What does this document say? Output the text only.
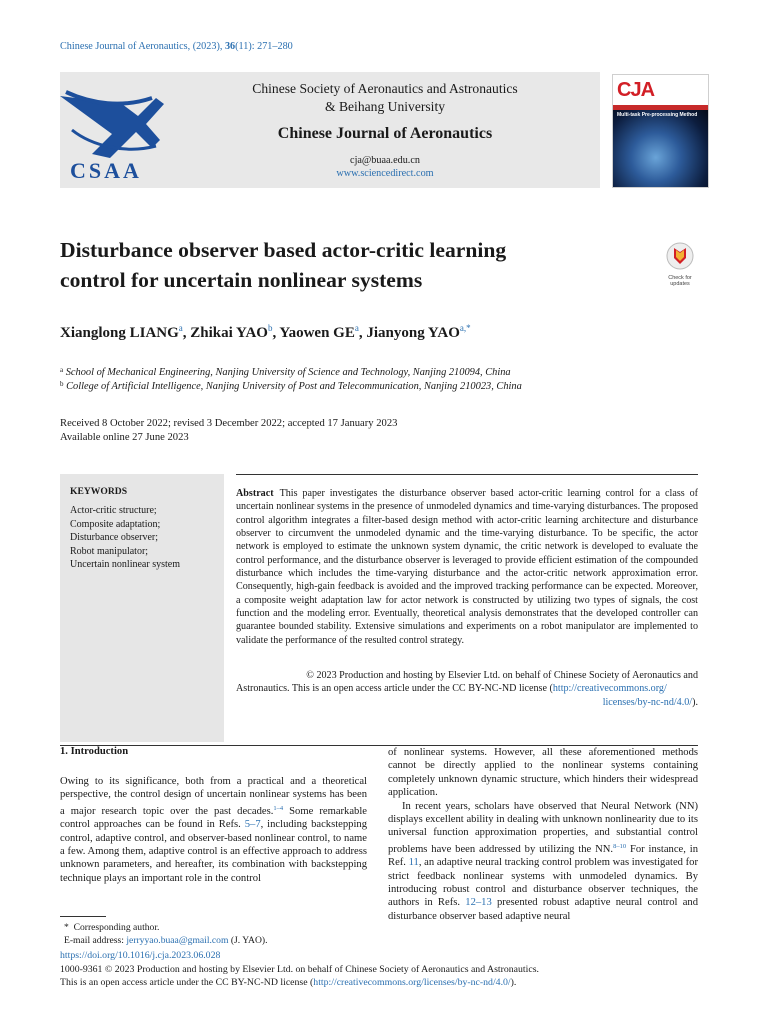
Chinese Journal of Aeronautics, (2023), 36(11): 271–280
CSAA
Chinese Society of Aeronautics and Astronautics
& Beihang University
Chinese Journal of Aeronautics
cja@buaa.edu.cn
www.sciencedirect.com
CJA
Multi-task Pre-processing Method
Disturbance observer based actor-critic learning
control for uncertain nonlinear systems	Check for
updates
Xianglong LIANG$^a$, Zhikai YAO$^b$, Yaowen $GE^a$, Jianyong $YAO^{a,*}$
$^a$ School of Mechanical Engineering, Nanjing University of Science and Technology, Nanjing 210094, China
$^b$ College of Artificial Intelligence, Nanjing University of Post and Telecommunication, Nanjing 210023, China
Received 8 October 2022; revised 3 December 2022; accepted 17 January 2023
Available online 27 June 2023
KEYWORDS
Actor-critic structure;
Composite adaptation;
Disturbance observer;
Robot manipulator;
Uncertain nonlinear system
Abstract This paper investigates the disturbance observer based actor-critic learning control for a class of uncertain nonlinear systems in the presence of unmodeled dynamics and time-varying disturbances. The proposed control algorithm integrates a filter-based design method with actor-critic learning architecture and disturbance observer to circumvent the unmodeled dynamic and the time-varying disturbance. To be specific, the actor network is employed to estimate the unknown system dynamic, the critic network is developed to evaluate the control performance, and the disturbance observer is leveraged to provide efficient estimation of the compounded disturbance which includes the time-varying disturbance and the actor-critic network approximation error. Consequently, high-gain feedback is avoided and the improved tracking performance can be expected. Moreover, a composite weight adaptation law for actor network is constructed by utilizing two types of signals, the cost function and the modeling error. Eventually, theoretical analysis demonstrates that the developed controller can guarantee bounded stability. Extensive simulations and experiments on a robot manipulator are implemented to validate the performance of the resulted control strategy.
© 2023 Production and hosting by Elsevier Ltd. on behalf of Chinese Society of Aeronautics and
Astronautics. This is an open access article under the CC BY-NC-ND license (http://creativecommons.org/
licenses/by-nc-nd/4.0/).
1. Introduction
Owing to its significance, both from a practical and a theoretical perspective, the control design of uncertain nonlinear systems has been a major research topic over the past decades.$^{1-4}$ Some remarkable control approaches can be found in Refs. 5–7, including backstepping control, adaptive control, and observer-based nonlinear control, to name a few. Among them, adaptive control is an effective approach to address unknown parameters, and hereafter, its combination with backstepping technique plays an important role in the control
of nonlinear systems. However, all these aforementioned methods cannot be directly applied to the nonlinear systems containing completely unknown dynamic structure, which hinders their widespread application.
In recent years, scholars have observed that Neural Network (NN) displays excellent ability in dealing with unknown nonlinearity due to its universal function approximation properties, and substantial control problems have been addressed by utilizing the NN.$^{8-10}$ For instance, in Ref. 11, an adaptive neural tracking control problem was investigated for strict feedback nonlinear systems with unmodeled dynamics. By introducing robust control and disturbance observer techniques, the authors in Refs. 12–13 presented robust adaptive neural control and disturbance observer based adaptive neural
* Corresponding author.
E-mail address: jerryyao.buaa@gmail.com (J. YAO).
https://doi.org/10.1016/j.cja.2023.06.028
1000-9361 © 2023 Production and hosting by Elsevier Ltd. on behalf of Chinese Society of Aeronautics and Astronautics.
This is an open access article under the CC BY-NC-ND license (http://creativecommons.org/licenses/by-nc-nd/4.0/).
